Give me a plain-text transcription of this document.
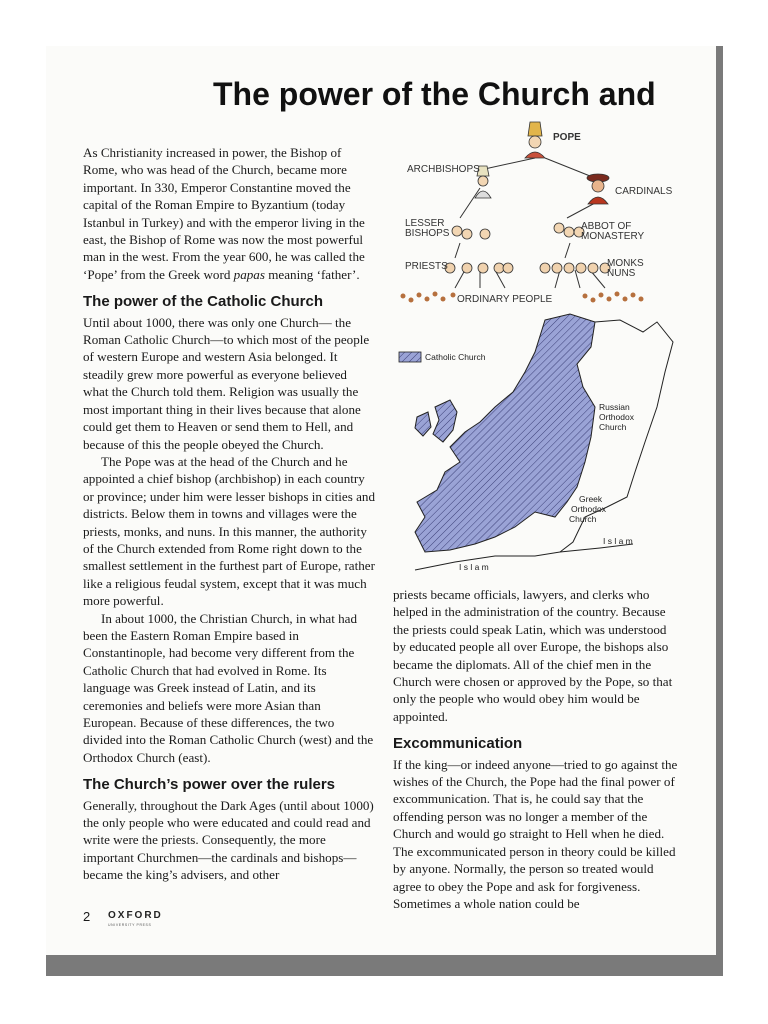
The power of the Church and

As Christianity increased in power, the Bishop of Rome, who was head of the Church, became more important. In 330, Emperor Constantine moved the capital of the Roman Empire to Byzantium (today Istanbul in Turkey) and with the emperor living in the east, the Bishop of Rome was now the most powerful man in the west. From the year 600, he was called the ‘Pope’ from the Greek word papas meaning ‘father’.

The power of the Catholic Church

Until about 1000, there was only one Church— the Roman Catholic Church—to which most of the people of western Europe and western Asia belonged. It steadily grew more powerful as everyone believed what the Church told them. Religion was usually the most important thing in their lives because that alone could get them to Heaven or send them to Hell, and because of this the people obeyed the Church.

The Pope was at the head of the Church and he appointed a chief bishop (archbishop) in each country or province; under him were lesser bishops in cities and districts. Below them in towns and villages were the priests, monks, and nuns. In this manner, the authority of the Church extended from Rome right down to the smallest settlement in the furthest part of Europe, rather like a religious feudal system, except that it was much more powerful.

In about 1000, the Christian Church, in what had been the Eastern Roman Empire based in Constantinople, had become very different from the Catholic Church that had evolved in Rome. Its language was Greek instead of Latin, and its ceremonies and beliefs were more Asian than European. Because of these differences, the two divided into the Roman Catholic Church (west) and the Orthodox Church (east).

The Church’s power over the rulers

Generally, throughout the Dark Ages (until about 1000) the only people who were educated and could read and write were the priests. Consequently, the more important Churchmen—the cardinals and bishops—became the king’s advisers, and other

priests became officials, lawyers, and clerks who helped in the administration of the country. Because the priests could speak Latin, which was understood by educated people all over Europe, the bishops also became the diplomats. All of the chief men in the Church were chosen or approved by the Pope, so that only the people who would obey him would be appointed.

Excommunication

If the king—or indeed anyone—tried to go against the wishes of the Church, the Pope had the final power of excommunication. That is, he could say that the offending person was no longer a member of the Church and would go straight to Hell when he died. The excommunicated person in theory could be killed by anyone. Normally, the person so treated would agree to obey the Pope and ask for forgiveness. Sometimes a whole nation could be

POPE
ARCHBISHOPS
CARDINALS
LESSER
BISHOPS
ABBOT OF
MONASTERY
PRIESTS	MONKS
NUNS
ORDINARY PEOPLE
Catholic Church
Russian
Orthodox
Church
Greek
Orthodox
Church
I s l a m
I s l a m
2 OXFORD
UNIVERSITY PRESS
